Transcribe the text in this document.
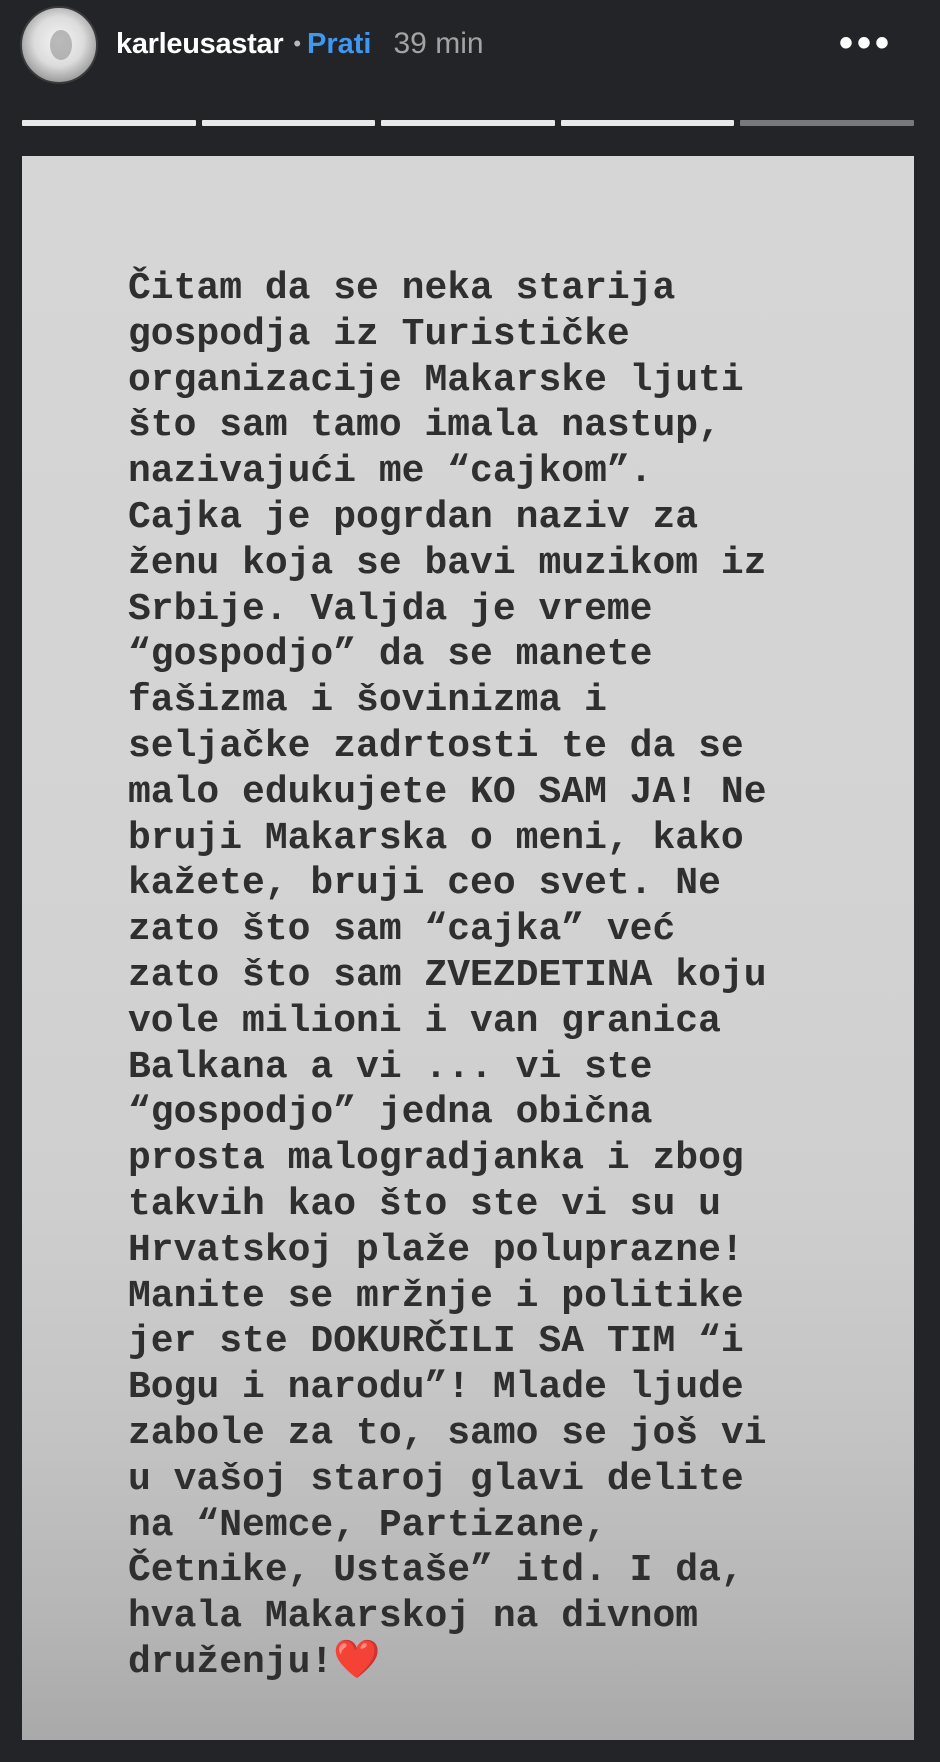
karleusastar • Prati 39 min	•••

Čitam da se neka starija
gospodja iz Turističke
organizacije Makarske ljuti
što sam tamo imala nastup,
nazivajući me “cajkom”.
Cajka je pogrdan naziv za
ženu koja se bavi muzikom iz
Srbije. Valjda je vreme
“gospodjo” da se manete
fašizma i šovinizma i
seljačke zadrtosti te da se
malo edukujete KO SAM JA! Ne
bruji Makarska o meni, kako
kažete, bruji ceo svet. Ne
zato što sam “cajka” već
zato što sam ZVEZDETINA koju
vole milioni i van granica
Balkana a vi ... vi ste
“gospodjo” jedna obična
prosta malogradjanka i zbog
takvih kao što ste vi su u
Hrvatskoj plaže poluprazne!
Manite se mržnje i politike
jer ste DOKURČILI SA TIM “i
Bogu i narodu”! Mlade ljude
zabole za to, samo se još vi
u vašoj staroj glavi delite
na “Nemce, Partizane,
Četnike, Ustaše” itd. I da,
hvala Makarskoj na divnom
druženju!❤️
